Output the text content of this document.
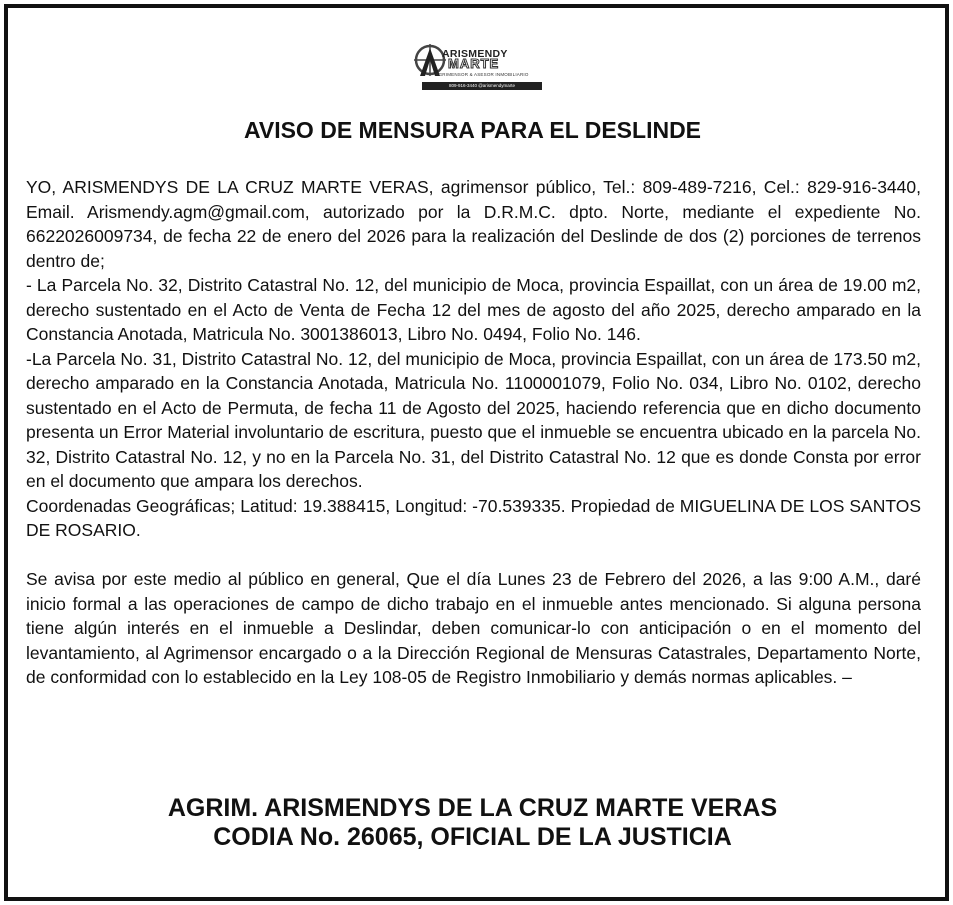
ARISMENDY
MARTE
AGRIMENSOR & ASESOR INMOBILIARIO
809-916-3440 @arismendymarte
AVISO DE MENSURA PARA EL DESLINDE

YO, ARISMENDYS DE LA CRUZ MARTE VERAS, agrimensor público, Tel.: 809-489-7216, Cel.: 829-916-3440, Email. Arismendy.agm@gmail.com, autorizado por la D.R.M.C. dpto. Norte, mediante el expediente No. 6622026009734, de fecha 22 de enero del 2026 para la realización del Deslinde de dos (2) porciones de terrenos dentro de;

- La Parcela No. 32, Distrito Catastral No. 12, del municipio de Moca, provincia Espaillat, con un área de 19.00 m2, derecho sustentado en el Acto de Venta de Fecha 12 del mes de agosto del año 2025, derecho amparado en la Constancia Anotada, Matricula No. 3001386013, Libro No. 0494, Folio No. 146.

-La Parcela No. 31, Distrito Catastral No. 12, del municipio de Moca, provincia Espaillat, con un área de 173.50 m2, derecho amparado en la Constancia Anotada, Matricula No. 1100001079, Folio No. 034, Libro No. 0102, derecho sustentado en el Acto de Permuta, de fecha 11 de Agosto del 2025, haciendo referencia que en dicho documento presenta un Error Material involuntario de escritura, puesto que el inmueble se encuentra ubicado en la parcela No. 32, Distrito Catastral No. 12, y no en la Parcela No. 31, del Distrito Catastral No. 12 que es donde Consta por error en el documento que ampara los derechos.

Coordenadas Geográficas; Latitud: 19.388415, Longitud: -70.539335. Propiedad de MIGUELINA DE LOS SANTOS DE ROSARIO.

Se avisa por este medio al público en general, Que el día Lunes 23 de Febrero del 2026, a las 9:00 A.M., daré inicio formal a las operaciones de campo de dicho trabajo en el inmueble antes mencionado. Si alguna persona tiene algún interés en el inmueble a Deslindar, deben comunicar-lo con anticipación o en el momento del levantamiento, al Agrimensor encargado o a la Dirección Regional de Mensuras Catastrales, Departamento Norte, de conformidad con lo establecido en la Ley 108-05 de Registro Inmobiliario y demás normas aplicables. –

AGRIM. ARISMENDYS DE LA CRUZ MARTE VERAS
CODIA No. 26065, OFICIAL DE LA JUSTICIA
